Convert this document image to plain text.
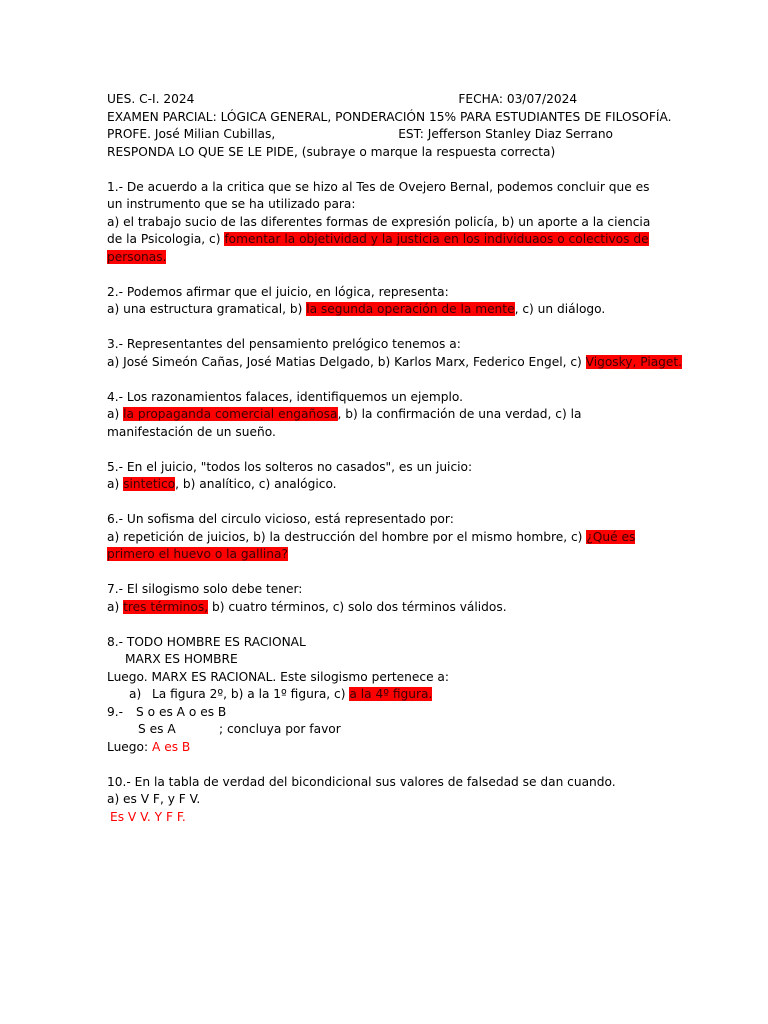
UES. C-I. 2024	FECHA: 03/07/2024
EXAMEN PARCIAL: LÓGICA GENERAL, PONDERACIÓN 15% PARA ESTUDIANTES DE FILOSOFÍA.
PROFE. José Milian Cubillas,	EST: Jefferson Stanley Diaz Serrano
RESPONDA LO QUE SE LE PIDE, (subraye o marque la respuesta correcta)
1.- De acuerdo a la critica que se hizo al Tes de Ovejero Bernal, podemos concluir que es un instrumento que se ha utilizado para:
a) el trabajo sucio de las diferentes formas de expresión policía, b) un aporte a la ciencia de la Psicologia, c) fomentar la objetividad y la justicia en los individuaos o colectivos de personas.
2.- Podemos afirmar que el juicio, en lógica, representa:
a) una estructura gramatical, b) la segunda operación de la mente, c) un diálogo.
3.- Representantes del pensamiento prelógico tenemos a:
a) José Simeón Cañas, José Matias Delgado, b) Karlos Marx, Federico Engel, c) Vigosky, Piaget.
4.- Los razonamientos falaces, identifiquemos un ejemplo.
a) la propaganda comercial engañosa, b) la confirmación de una verdad, c) la manifestación de un sueño.
5.- En el juicio, "todos los solteros no casados", es un juicio:
a) sintetico, b) analítico, c) analógico.
6.- Un sofisma del circulo vicioso, está representado por:
a) repetición de juicios, b) la destrucción del hombre por el mismo hombre, c) ¿Qué es primero el huevo o la gallina?
7.- El silogismo solo debe tener:
a) tres términos, b) cuatro términos, c) solo dos términos válidos.
8.- TODO HOMBRE ES RACIONAL
MARX ES HOMBRE
Luego. MARX ES RACIONAL. Este silogismo pertenece a:
a) La figura 2º, b) a la 1º figura, c) a la 4º figura.
9.- S o es A o es B
S es A	; concluya por favor
Luego: A es B
10.- En la tabla de verdad del bicondicional sus valores de falsedad se dan cuando.
a) es V F, y F V.
Es V V. Y F F.
